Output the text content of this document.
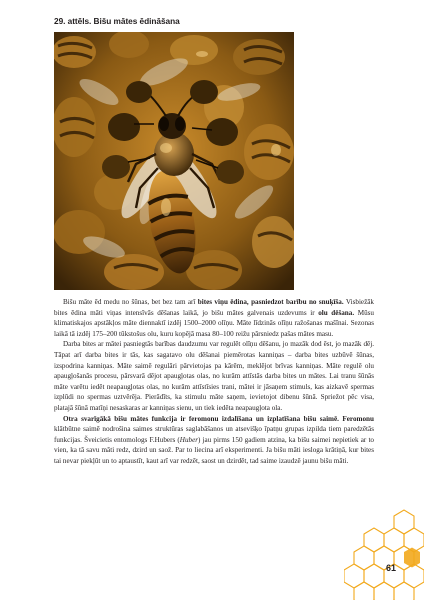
29. attēls. Bišu mātes ēdināšana

Bišu māte ēd medu no šūnas, bet bez tam arī bites viņu ēdina, pasniedzot barību no snuķīša. Visbiežāk bites ēdina māti viņas intensīvās dēšanas laikā, jo bišu mātes galvenais uzdevums ir olu dēšana. Mūsu klimatiskajos apstākļos māte diennaktī izdēj 1500–2000 olīņu. Māte līdzinās olīņu ražošanas mašīnai. Sezonas laikā tā izdēj 175–200 tūkstošus olu, kuru kopējā masa 80–100 reižu pārsniedz pašas mātes masu.

Darba bites ar mātei pasniegtās barības daudzumu var regulēt olīņu dēšanu, jo mazāk dod ēst, jo mazāk dēj. Tāpat arī darba bites ir tās, kas sagatavo olu dēšanai piemērotas kanniņas – darba bites uzbūvē šūnas, izspodrina kanniņas. Māte saimē regulāri pārvietojas pa kārēm, meklējot brīvas kanniņas. Māte regulē olu apaugļošanās procesu, pārsvarā dējot apaugļotas olas, no kurām attīstās darba bites un mātes. Lai tranu šūnās māte varētu iedēt neapaugļotas olas, no kurām attīstīsies trani, mātei ir jāsaņem stimuls, kas aizkavē spermas izplūdi no spermas uztvērēja. Pierādīts, ka stimulu māte saņem, ievietojot dibenu šūnā. Spriežot pēc visa, platajā šūnā matīņi nesaskaras ar kanniņas sienu, un tiek iedēta neapaugļota ola.

Otra svarīgākā bišu mātes funkcija ir feromonu izdalīšana un izplatīšana bišu saimē. Feromonu klātbūtne saimē nodrošina saimes struktūras saglabāšanos un atsevišķo īpatņu grupas izpilda tiem paredzētās funkcijas. Šveicietis entomologs F.Hubers (Huber) jau pirms 150 gadiem atzina, ka bišu saimei nepietiek ar to vien, ka tā savu māti redz, dzird un saož. Par to liecina arī eksperimenti. Ja bišu māti iesloga krātiņā, kur bites tai nevar piekļūt un to aptaustīt, kaut arī var redzēt, saost un dzirdēt, tad saime izaudzē jaunu bišu māti.

61
